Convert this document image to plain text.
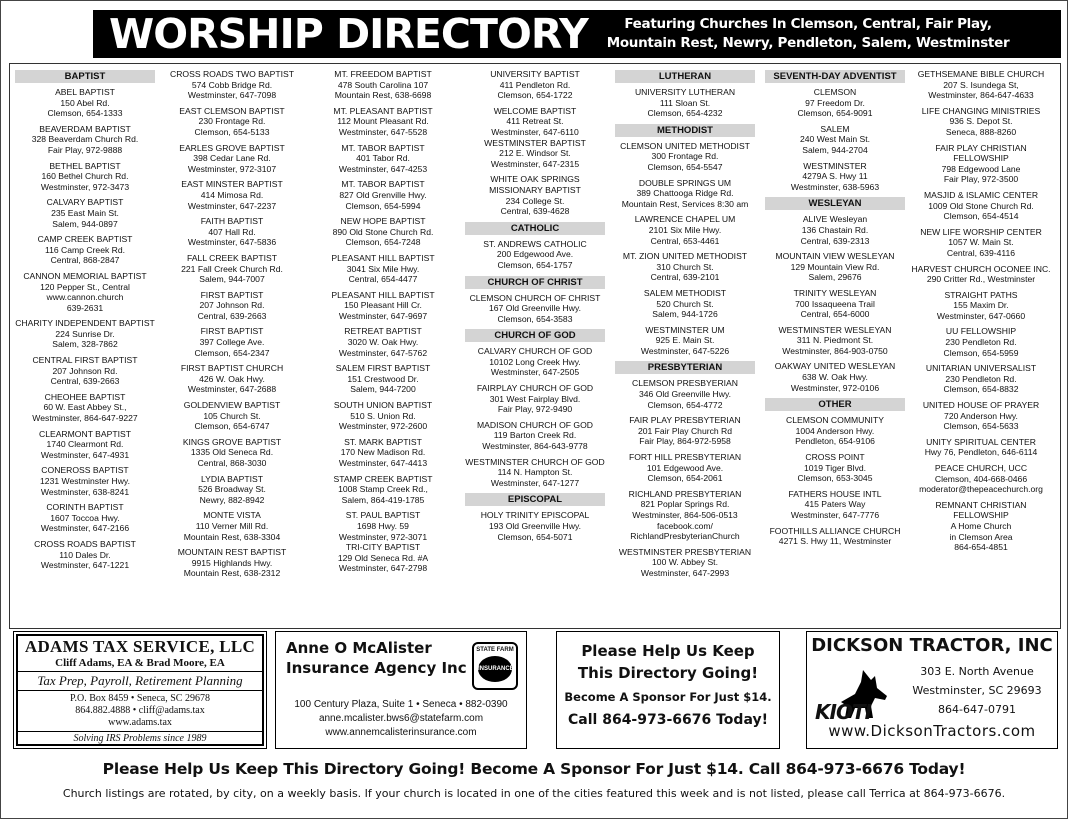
WORSHIP DIRECTORY	Featuring Churches In Clemson, Central, Fair Play,
Mountain Rest, Newry, Pendleton, Salem, Westminster
BAPTIST
ABEL BAPTIST
150 Abel Rd.
Clemson, 654-1333
BEAVERDAM BAPTIST
328 Beaverdam Church Rd.
Fair Play, 972-9888
BETHEL BAPTIST
160 Bethel Church Rd.
Westminster, 972-3473
CALVARY BAPTIST
235 East Main St.
Salem, 944-0897
CAMP CREEK BAPTIST
116 Camp Creek Rd.
Central, 868-2847
CANNON MEMORIAL BAPTIST
120 Pepper St., Central
www.cannon.church
639-2631
CHARITY INDEPENDENT BAPTIST
224 Sunrise Dr.
Salem, 328-7862
CENTRAL FIRST BAPTIST
207 Johnson Rd.
Central, 639-2663
CHEOHEE BAPTIST
60 W. East Abbey St.,
Westminster, 864-647-9227
CLEARMONT BAPTIST
1740 Clearmont Rd.
Westminster, 647-4931
CONEROSS BAPTIST
1231 Westminster Hwy.
Westminster, 638-8241
CORINTH BAPTIST
1607 Toccoa Hwy.
Westminster, 647-2166
CROSS ROADS BAPTIST
110 Dales Dr.
Westminster, 647-1221
CROSS ROADS TWO BAPTIST
574 Cobb Bridge Rd.
Westminster, 647-7098
EAST CLEMSON BAPTIST
230 Frontage Rd.
Clemson, 654-5133
EARLES GROVE BAPTIST
398 Cedar Lane Rd.
Westminster, 972-3107
EAST MINSTER BAPTIST
414 Mimosa Rd.
Westminster, 647-2237
FAITH BAPTIST
407 Hall Rd.
Westminster, 647-5836
FALL CREEK BAPTIST
221 Fall Creek Church Rd.
Salem, 944-7007
FIRST BAPTIST
207 Johnson Rd.
Central, 639-2663
FIRST BAPTIST
397 College Ave.
Clemson, 654-2347
FIRST BAPTIST CHURCH
426 W. Oak Hwy.
Westminster, 647-2688
GOLDENVIEW BAPTIST
105 Church St.
Clemson, 654-6747
KINGS GROVE BAPTIST
1335 Old Seneca Rd.
Central, 868-3030
LYDIA BAPTIST
526 Broadway St.
Newry, 882-8942
MONTE VISTA
110 Verner Mill Rd.
Mountain Rest, 638-3304
MOUNTAIN REST BAPTIST
9915 Highlands Hwy.
Mountain Rest, 638-2312
MT. FREEDOM BAPTIST
478 South Carolina 107
Mountain Rest, 638-6698
MT. PLEASANT BAPTIST
112 Mount Pleasant Rd.
Westminster, 647-5528
MT. TABOR BAPTIST
401 Tabor Rd.
Westminster, 647-4253
MT. TABOR BAPTIST
827 Old Grenville Hwy.
Clemson, 654-5994
NEW HOPE BAPTIST
890 Old Stone Church Rd.
Clemson, 654-7248
PLEASANT HILL BAPTIST
3041 Six Mile Hwy.
Central, 654-4477
PLEASANT HILL BAPTIST
150 Pleasant Hill Cr.
Westminster, 647-9697
RETREAT BAPTIST
3020 W. Oak Hwy.
Westminster, 647-5762
SALEM FIRST BAPTIST
151 Crestwood Dr.
Salem, 944-7200
SOUTH UNION BAPTIST
510 S. Union Rd.
Westminster, 972-2600
ST. MARK BAPTIST
170 New Madison Rd.
Westminster, 647-4413
STAMP CREEK BAPTIST
1008 Stamp Creek Rd.,
Salem, 864-419-1785
ST. PAUL BAPTIST
1698 Hwy. 59
Westminster, 972-3071
TRI-CITY BAPTIST
129 Old Seneca Rd. #A
Westminster, 647-2798
UNIVERSITY BAPTIST
411 Pendleton Rd.
Clemson, 654-1722
WELCOME BAPTIST
411 Retreat St.
Westminster, 647-6110
WESTMINSTER BAPTIST
212 E. Windsor St.
Westminster, 647-2315
WHITE OAK SPRINGS
MISSIONARY BAPTIST
234 College St.
Central, 639-4628
CATHOLIC
ST. ANDREWS CATHOLIC
200 Edgewood Ave.
Clemson, 654-1757
CHURCH OF CHRIST
CLEMSON CHURCH OF CHRIST
167 Old Greenville Hwy.
Clemson, 654-3583
CHURCH OF GOD
CALVARY CHURCH OF GOD
10102 Long Creek Hwy.
Westminster, 647-2505
FAIRPLAY CHURCH OF GOD
301 West Fairplay Blvd.
Fair Play, 972-9490
MADISON CHURCH OF GOD
119 Barton Creek Rd.
Westminster, 864-643-9778
WESTMINSTER CHURCH OF GOD
114 N. Hampton St.
Westminster, 647-1277
EPISCOPAL
HOLY TRINITY EPISCOPAL
193 Old Greenville Hwy.
Clemson, 654-5071
LUTHERAN
UNIVERSITY LUTHERAN
111 Sloan St.
Clemson, 654-4232
METHODIST
CLEMSON UNITED METHODIST
300 Frontage Rd.
Clemson, 654-5547
DOUBLE SPRINGS UM
389 Chattooga Ridge Rd.
Mountain Rest, Services 8:30 am
LAWRENCE CHAPEL UM
2101 Six Mile Hwy.
Central, 653-4461
MT. ZION UNITED METHODIST
310 Church St.
Central, 639-2101
SALEM METHODIST
520 Church St.
Salem, 944-1726
WESTMINSTER UM
925 E. Main St.
Westminster, 647-5226
PRESBYTERIAN
CLEMSON PRESBYERIAN
346 Old Greenville Hwy.
Clemson, 654-4772
FAIR PLAY PRESBYTERIAN
201 Fair Play Church Rd
Fair Play, 864-972-5958
FORT HILL PRESBYTERIAN
101 Edgewood Ave.
Clemson, 654-2061
RICHLAND PRESBYTERIAN
821 Poplar Springs Rd.
Westminster, 864-506-0513
facebook.com/
RichlandPresbyterianChurch
WESTMINSTER PRESBYTERIAN
100 W. Abbey St.
Westminster, 647-2993
SEVENTH-DAY ADVENTIST
CLEMSON
97 Freedom Dr.
Clemson, 654-9091
SALEM
240 West Main St.
Salem, 944-2704
WESTMINSTER
4279A S. Hwy 11
Westminster, 638-5963
WESLEYAN
ALIVE Wesleyan
136 Chastain Rd.
Central, 639-2313
MOUNTAIN VIEW WESLEYAN
129 Mountain View Rd.
Salem, 29676
TRINITY WESLEYAN
700 Issaqueena Trail
Central, 654-6000
WESTMINSTER WESLEYAN
311 N. Piedmont St.
Westminster, 864-903-0750
OAKWAY UNITED WESLEYAN
638 W. Oak Hwy.
Westminster, 972-0106
OTHER
CLEMSON COMMUNITY
1004 Anderson Hwy.
Pendleton, 654-9106
CROSS POINT
1019 Tiger Blvd.
Clemson, 653-3045
FATHERS HOUSE INTL
415 Paters Way
Westminster, 647-7776
FOOTHILLS ALLIANCE CHURCH
4271 S. Hwy 11, Westminster
GETHSEMANE BIBLE CHURCH
207 S. Isundega St,
Westminster, 864-647-4633
LIFE CHANGING MINISTRIES
936 S. Depot St.
Seneca, 888-8260
FAIR PLAY CHRISTIAN
FELLOWSHIP
798 Edgewood Lane
Fair Play, 972-3500
MASJID & ISLAMIC CENTER
1009 Old Stone Church Rd.
Clemson, 654-4514
NEW LIFE WORSHIP CENTER
1057 W. Main St.
Central, 639-4116
HARVEST CHURCH OCONEE INC.
290 Critter Rd., Westminster
STRAIGHT PATHS
155 Maxim Dr.
Westminster, 647-0660
UU FELLOWSHIP
230 Pendleton Rd.
Clemson, 654-5959
UNITARIAN UNIVERSALIST
230 Pendleton Rd.
Clemson, 654-8832
UNITED HOUSE OF PRAYER
720 Anderson Hwy.
Clemson, 654-5633
UNITY SPIRITUAL CENTER
Hwy 76, Pendleton, 646-6114
PEACE CHURCH, UCC
Clemson, 404-668-0466
moderator@thepeacechurch.org
REMNANT CHRISTIAN
FELLOWSHIP
A Home Church
in Clemson Area
864-654-4851
ADAMS TAX SERVICE, LLC
Cliff Adams, EA & Brad Moore, EA
Tax Prep, Payroll, Retirement Planning
P.O. Box 8459 • Seneca, SC 29678
864.882.4888 • cliff@adams.tax
www.adams.tax
Solving IRS Problems since 1989
Anne O McAlister
Insurance Agency Inc
STATE FARM
INSURANCE
100 Century Plaza, Suite 1 • Seneca • 882-0390
anne.mcalister.bws6@statefarm.com
www.annemcalisterinsurance.com
Please Help Us Keep
This Directory Going!
Become A Sponsor For Just $14.
Call 864-973-6676 Today!
DICKSON TRACTOR, INC
KIOTI
303 E. North Avenue
Westminster, SC 29693
864-647-0791
www.DicksonTractors.com
Please Help Us Keep This Directory Going! Become A Sponsor For Just $14. Call 864-973-6676 Today!
Church listings are rotated, by city, on a weekly basis. If your church is located in one of the cities featured this week and is not listed, please call Terrica at 864-973-6676.
